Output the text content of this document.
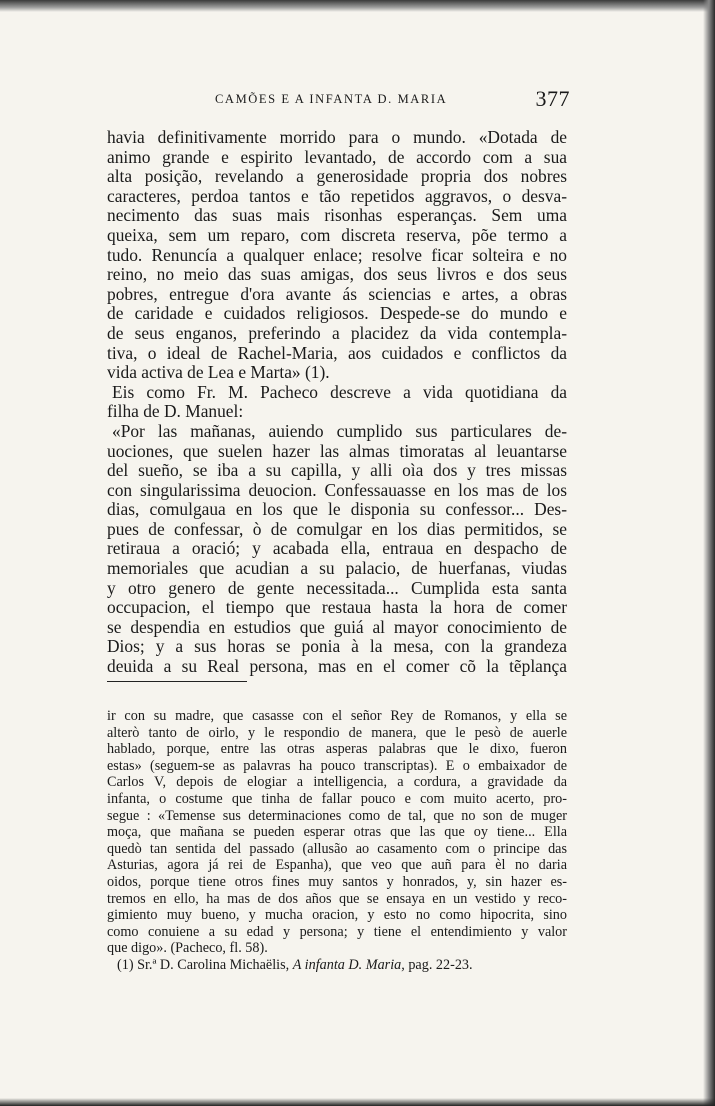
CAMÕES E A INFANTA D. MARIA	377
havia definitivamente morrido para o mundo. «Dotada de
animo grande e espirito levantado, de accordo com a sua
alta posição, revelando a generosidade propria dos nobres
caracteres, perdoa tantos e tão repetidos aggravos, o desva-
necimento das suas mais risonhas esperanças. Sem uma
queixa, sem um reparo, com discreta reserva, põe termo a
tudo. Renuncía a qualquer enlace; resolve ficar solteira e no
reino, no meio das suas amigas, dos seus livros e dos seus
pobres, entregue d'ora avante ás sciencias e artes, a obras
de caridade e cuidados religiosos. Despede-se do mundo e
de seus enganos, preferindo a placidez da vida contempla-
tiva, o ideal de Rachel-Maria, aos cuidados e conflictos da
vida activa de Lea e Marta» (1).
Eis como Fr. M. Pacheco descreve a vida quotidiana da
filha de D. Manuel:
«Por las mañanas, auiendo cumplido sus particulares de-
uociones, que suelen hazer las almas timoratas al leuantarse
del sueño, se iba a su capilla, y alli oìa dos y tres missas
con singularissima deuocion. Confessauasse en los mas de los
dias, comulgaua en los que le disponia su confessor... Des-
pues de confessar, ò de comulgar en los dias permitidos, se
retiraua a oració; y acabada ella, entraua en despacho de
memoriales que acudian a su palacio, de huerfanas, viudas
y otro genero de gente necessitada... Cumplida esta santa
occupacion, el tiempo que restaua hasta la hora de comer
se despendia en estudios que guiá al mayor conocimiento de
Dios; y a sus horas se ponia à la mesa, con la grandeza
deuida a su Real persona, mas en el comer cõ la tẽplança
ir con su madre, que casasse con el señor Rey de Romanos, y ella se
alterò tanto de oirlo, y le respondio de manera, que le pesò de auerle
hablado, porque, entre las otras asperas palabras que le dixo, fueron
estas» (seguem-se as palavras ha pouco transcriptas). E o embaixador de
Carlos V, depois de elogiar a intelligencia, a cordura, a gravidade da
infanta, o costume que tinha de fallar pouco e com muito acerto, pro-
segue : «Temense sus determinaciones como de tal, que no son de muger
moça, que mañana se pueden esperar otras que las que oy tiene... Ella
quedò tan sentida del passado (allusão ao casamento com o principe das
Asturias, agora já rei de Espanha), que veo que auñ para èl no daria
oidos, porque tiene otros fines muy santos y honrados, y, sin hazer es-
tremos en ello, ha mas de dos años que se ensaya en un vestido y reco-
gimiento muy bueno, y mucha oracion, y esto no como hipocrita, sino
como conuiene a su edad y persona; y tiene el entendimiento y valor
que digo». (Pacheco, fl. 58).
(1) Sr.ª D. Carolina Michaëlis, A infanta D. Maria, pag. 22-23.
